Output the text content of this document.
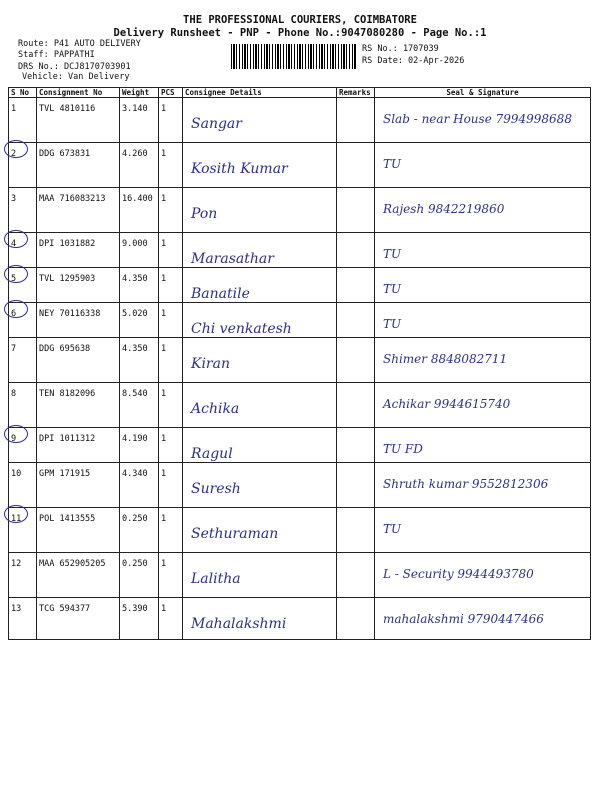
THE PROFESSIONAL COURIERS, COIMBATORE
Delivery Runsheet - PNP - Phone No.:9047080280 - Page No.:1
Route: P41 AUTO DELIVERY
Staff: PAPPATHI
DRS No.: DCJ8170703901
Vehicle: Van Delivery
RS No.: 1707039
RS Date: 02-Apr-2026
S No	Consignment No	Weight	PCS	Consignee Details	Remarks	Seal & Signature
1	TVL 4810116	3.140	1	Sangar		Slab - near House 7994998688

2	DDG 673831	4.260	1	Kosith Kumar		TU
3	MAA 716083213	16.400	1	Pon		Rajesh 9842219860

4	DPI 1031882	9.000	1	Marasathar		TU

5	TVL 1295903	4.350	1	Banatile		TU

6	NEY 70116338	5.020	1	Chi venkatesh		TU
7	DDG 695638	4.350	1	Kiran		Shimer 8848082711
8	TEN 8182096	8.540	1	Achika		Achikar 9944615740

9	DPI 1011312	4.190	1	Ragul		TU FD
10	GPM 171915	4.340	1	Suresh		Shruth kumar 9552812306

11	POL 1413555	0.250	1	Sethuraman		TU
12	MAA 652905205	0.250	1	Lalitha		L - Security 9944493780
13	TCG 594377	5.390	1	Mahalakshmi		mahalakshmi 9790447466
